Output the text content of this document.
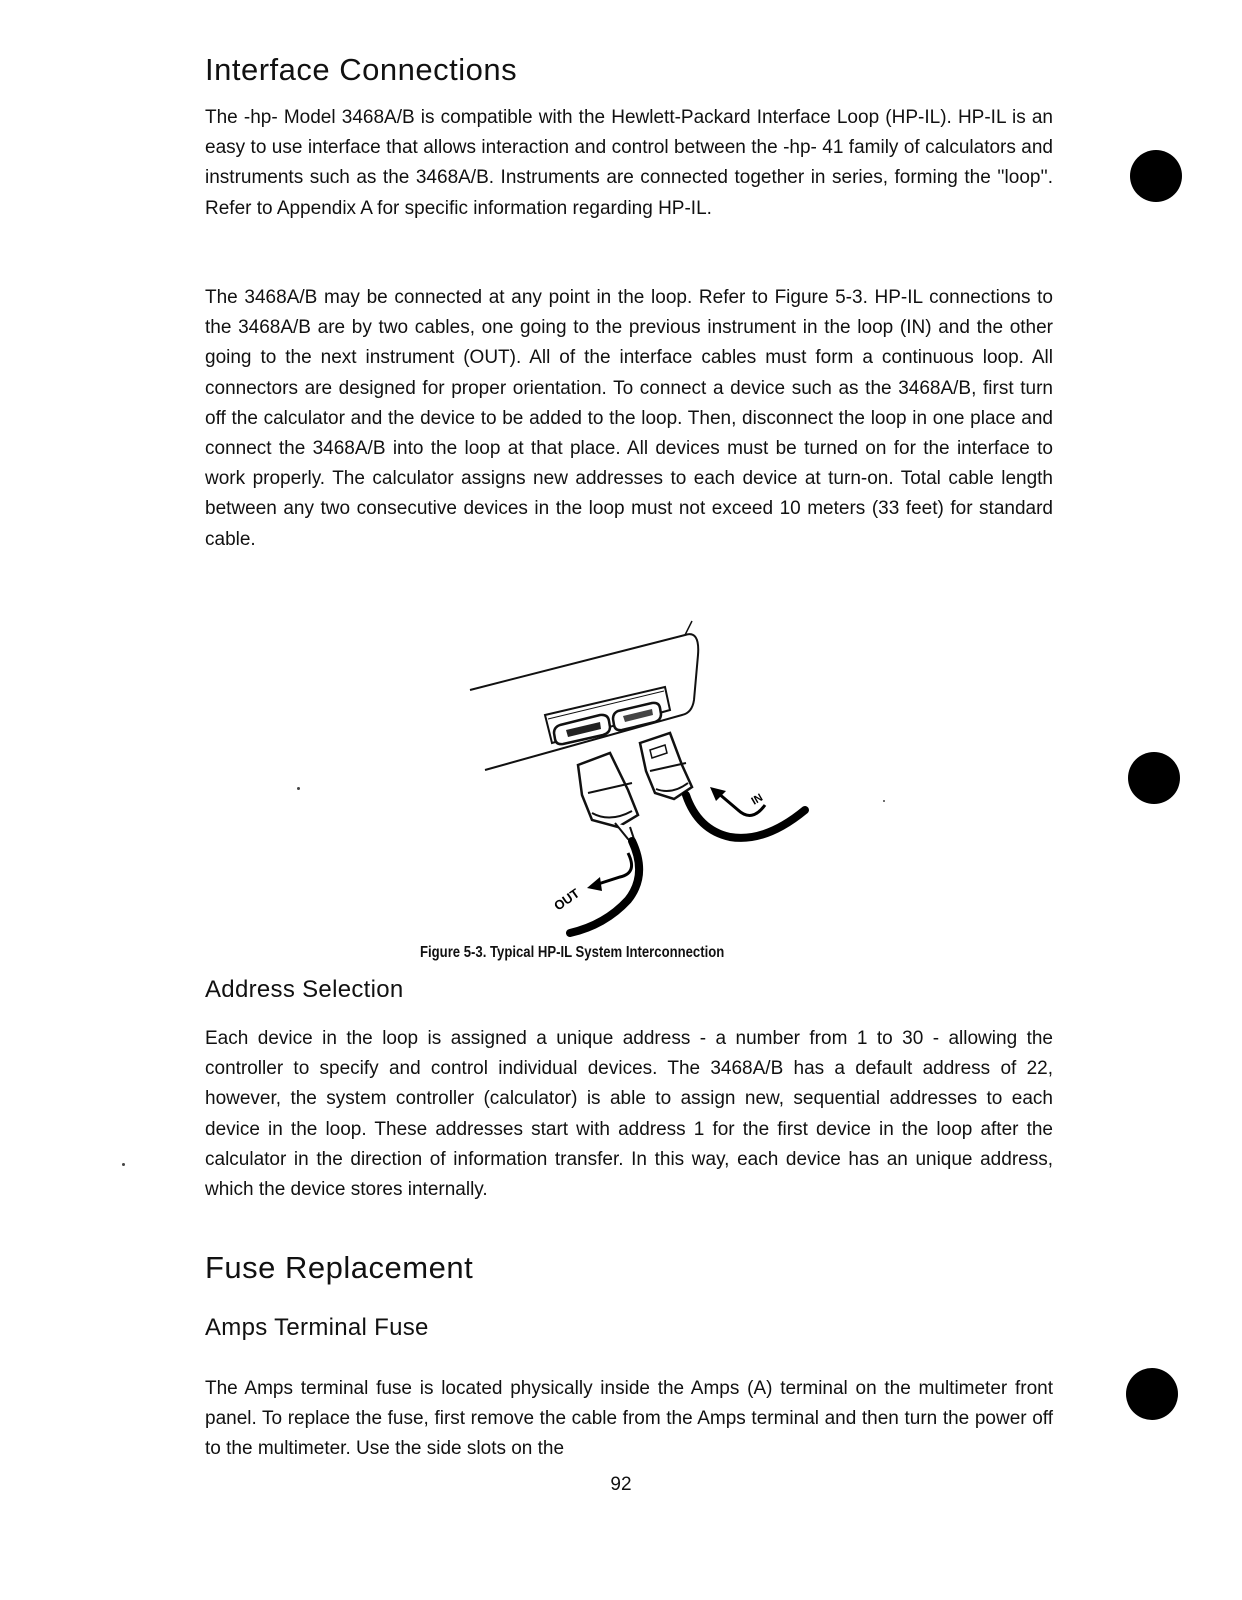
Interface Connections

The -hp- Model 3468A/B is compatible with the Hewlett-Packard Interface Loop (HP-IL). HP-IL is an easy to use interface that allows interaction and control between the -hp- 41 family of calculators and instruments such as the 3468A/B. Instruments are connected together in series, forming the ''loop''. Refer to Appendix A for specific information regarding HP-IL.

The 3468A/B may be connected at any point in the loop. Refer to Figure 5-3. HP-IL connections to the 3468A/B are by two cables, one going to the previous instrument in the loop (IN) and the other going to the next instrument (OUT). All of the interface cables must form a continuous loop. All connectors are designed for proper orientation. To connect a device such as the 3468A/B, first turn off the calculator and the device to be added to the loop. Then, disconnect the loop in one place and connect the 3468A/B into the loop at that place. All devices must be turned on for the interface to work properly. The calculator assigns new addresses to each device at turn-on. Total cable length between any two consecutive devices in the loop must not exceed 10 meters (33 feet) for standard cable.

IN
OUT
Figure 5-3. Typical HP-IL System Interconnection
Address Selection

Each device in the loop is assigned a unique address - a number from 1 to 30 - allowing the controller to specify and control individual devices. The 3468A/B has a default address of 22, however, the system controller (calculator) is able to assign new, sequential addresses to each device in the loop. These addresses start with address 1 for the first device in the loop after the calculator in the direction of information transfer. In this way, each device has an unique address, which the device stores internally.

Fuse Replacement
Amps Terminal Fuse

The Amps terminal fuse is located physically inside the Amps (A) terminal on the multimeter front panel. To replace the fuse, first remove the cable from the Amps terminal and then turn the power off to the multimeter. Use the side slots on the

92
